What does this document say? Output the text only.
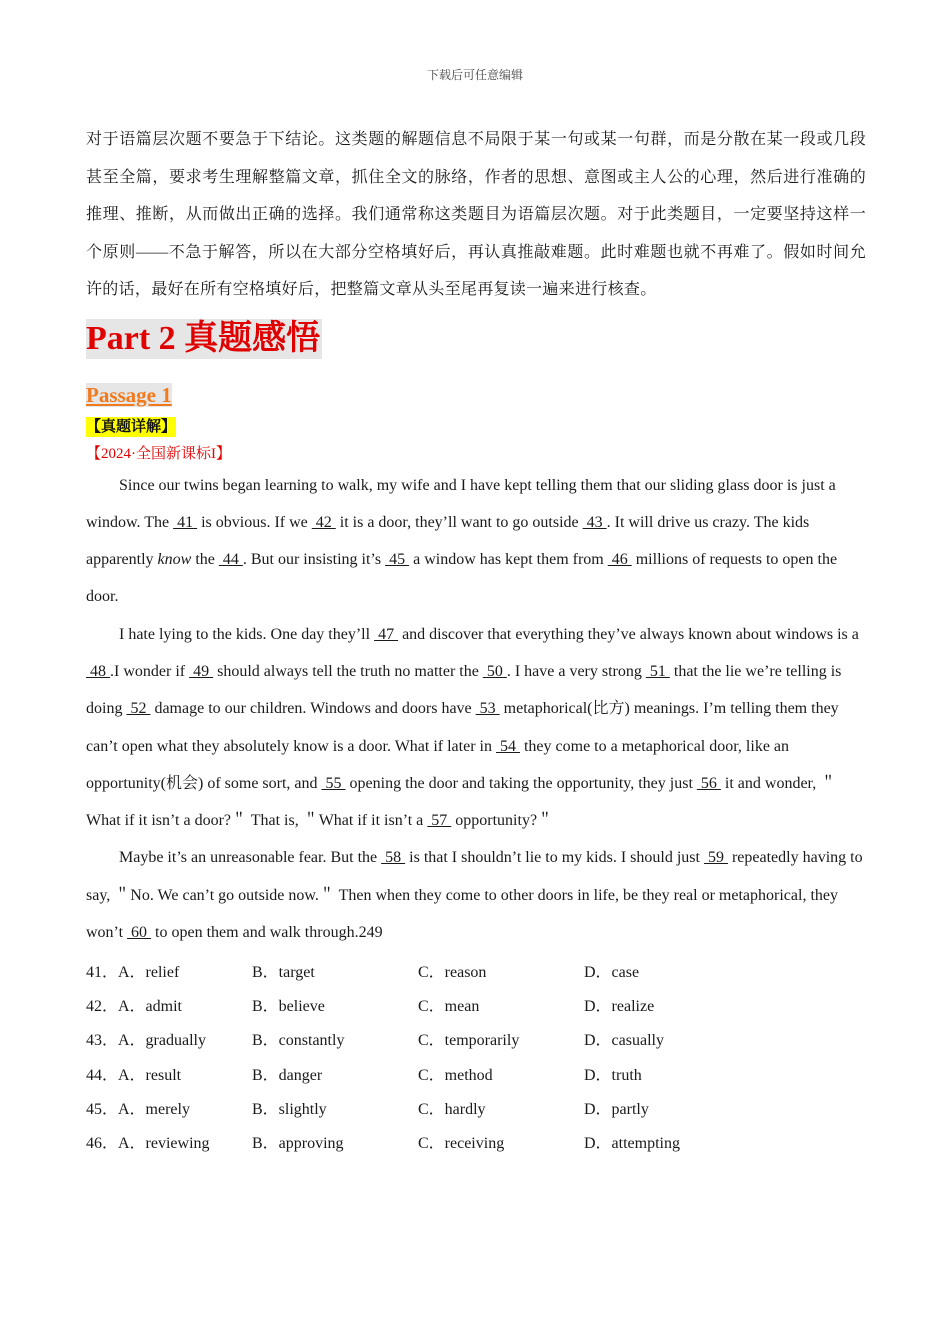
下载后可任意编辑

对于语篇层次题不要急于下结论。这类题的解题信息不局限于某一句或某一句群，而是分散在某一段或几段甚至全篇，要求考生理解整篇文章，抓住全文的脉络，作者的思想、意图或主人公的心理，然后进行准确的推理、推断，从而做出正确的选择。我们通常称这类题目为语篇层次题。对于此类题目，一定要坚持这样一个原则——不急于解答，所以在大部分空格填好后，再认真推敲难题。此时难题也就不再难了。假如时间允许的话，最好在所有空格填好后，把整篇文章从头至尾再复读一遍来进行核查。

Part 2 真题感悟
Passage 1
【真题详解】
【2024·全国新课标I】

Since our twins began learning to walk, my wife and I have kept telling them that our sliding glass door is just a window. The  41  is obvious. If we  42  it is a door, they’ll want to go outside  43 . It will drive us crazy. The kids apparently know the  44 . But our insisting it’s  45  a window has kept them from  46  millions of requests to open the door.

I hate lying to the kids. One day they’ll  47  and discover that everything they’ve always known about windows is a  48 .I wonder if  49  should always tell the truth no matter the  50 . I have a very strong  51  that the lie we’re telling is doing  52  damage to our children. Windows and doors have  53  metaphorical(比方) meanings. I’m telling them they can’t open what they absolutely know is a door. What if later in  54  they come to a metaphorical door, like an opportunity(机会) of some sort, and  55  opening the door and taking the opportunity, they just  56  it and wonder, ＂What if it isn’t a door?＂ That is, ＂What if it isn’t a  57  opportunity?＂

Maybe it’s an unreasonable fear. But the  58  is that I shouldn’t lie to my kids. I should just  59  repeatedly having to say, ＂No. We can’t go outside now.＂ Then when they come to other doors in life, be they real or metaphorical, they won’t  60  to open them and walk through.249

41．A．relief	B．target	C．reason	D．case
42．A．admit	B．believe	C．mean	D．realize
43．A．gradually	B．constantly	C．temporarily	D．casually
44．A．result	B．danger	C．method	D．truth
45．A．merely	B．slightly	C．hardly	D．partly
46．A．reviewing	B．approving	C．receiving	D．attempting
